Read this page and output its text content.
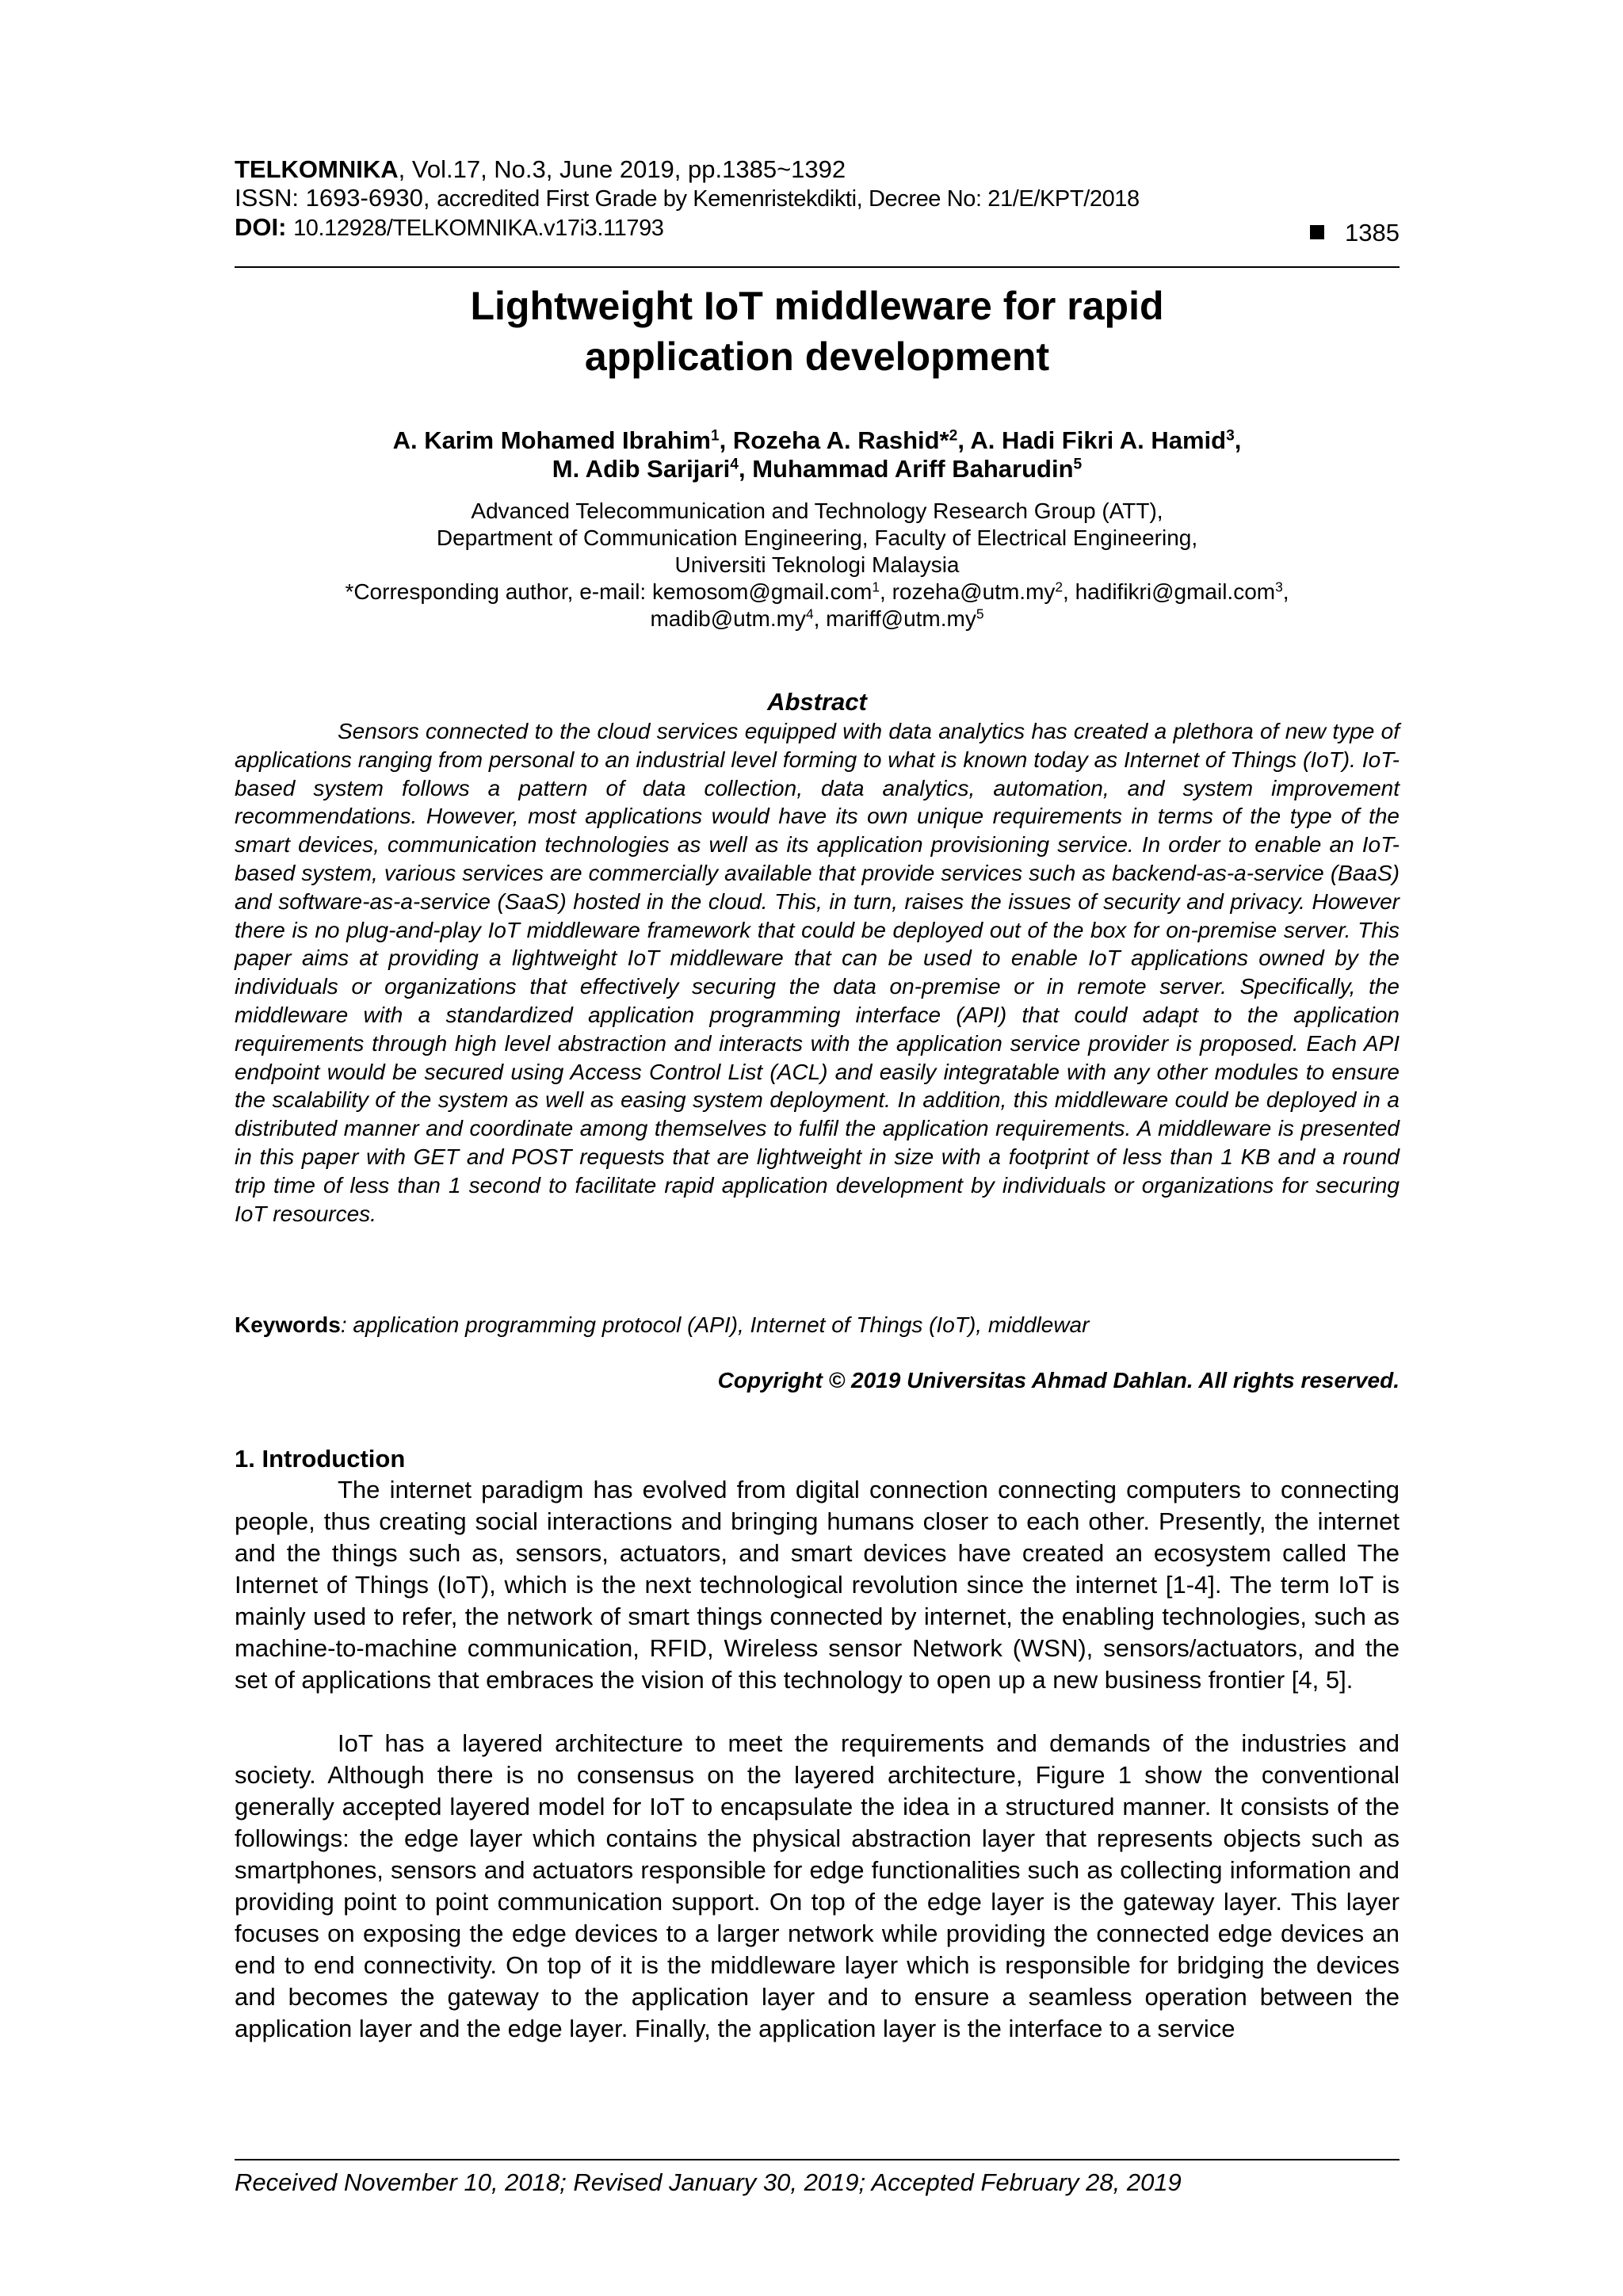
TELKOMNIKA, Vol.17, No.3, June 2019, pp.1385~1392
ISSN: 1693-6930, accredited First Grade by Kemenristekdikti, Decree No: 21/E/KPT/2018
DOI: 10.12928/TELKOMNIKA.v17i3.11793	1385
Lightweight IoT middleware for rapid
application development
A. Karim Mohamed Ibrahim$^1$, Rozeha A. Rashid*$^2$, A. Hadi Fikri A. Hamid$^3$,
M. Adib Sarijari$^4$, Muhammad Ariff Baharudin$^5$
Advanced Telecommunication and Technology Research Group (ATT),
Department of Communication Engineering, Faculty of Electrical Engineering,
Universiti Teknologi Malaysia
*Corresponding author, e-mail: kemosom@gmail.com$^1$, $rozeha@utm.my^2$, hadifikri@gmail.com$^3$,
$madib@utm.my^4$, $mariff@utm.my^5$
Abstract

Sensors connected to the cloud services equipped with data analytics has created a plethora of new type of applications ranging from personal to an industrial level forming to what is known today as Internet of Things (IoT). IoT-based system follows a pattern of data collection, data analytics, automation, and system improvement recommendations. However, most applications would have its own unique requirements in terms of the type of the smart devices, communication technologies as well as its application provisioning service. In order to enable an IoT-based system, various services are commercially available that provide services such as backend-as-a-service (BaaS) and software-as-a-service (SaaS) hosted in the cloud. This, in turn, raises the issues of security and privacy. However there is no plug-and-play IoT middleware framework that could be deployed out of the box for on-premise server. This paper aims at providing a lightweight IoT middleware that can be used to enable IoT applications owned by the individuals or organizations that effectively securing the data on-premise or in remote server. Specifically, the middleware with a standardized application programming interface (API) that could adapt to the application requirements through high level abstraction and interacts with the application service provider is proposed. Each API endpoint would be secured using Access Control List (ACL) and easily integratable with any other modules to ensure the scalability of the system as well as easing system deployment. In addition, this middleware could be deployed in a distributed manner and coordinate among themselves to fulfil the application requirements. A middleware is presented in this paper with GET and POST requests that are lightweight in size with a footprint of less than 1 KB and a round trip time of less than 1 second to facilitate rapid application development by individuals or organizations for securing IoT resources.

Keywords: application programming protocol (API), Internet of Things (IoT), middlewar
Copyright © 2019 Universitas Ahmad Dahlan. All rights reserved.
1. Introduction

The internet paradigm has evolved from digital connection connecting computers to connecting people, thus creating social interactions and bringing humans closer to each other. Presently, the internet and the things such as, sensors, actuators, and smart devices have created an ecosystem called The Internet of Things (IoT), which is the next technological revolution since the internet [1-4]. The term IoT is mainly used to refer, the network of smart things connected by internet, the enabling technologies, such as machine-to-machine communication, RFID, Wireless sensor Network (WSN), sensors/actuators, and the set of applications that embraces the vision of this technology to open up a new business frontier [4, 5].

IoT has a layered architecture to meet the requirements and demands of the industries and society. Although there is no consensus on the layered architecture, Figure 1 show the conventional generally accepted layered model for IoT to encapsulate the idea in a structured manner. It consists of the followings: the edge layer which contains the physical abstraction layer that represents objects such as smartphones, sensors and actuators responsible for edge functionalities such as collecting information and providing point to point communication support. On top of the edge layer is the gateway layer. This layer focuses on exposing the edge devices to a larger network while providing the connected edge devices an end to end connectivity. On top of it is the middleware layer which is responsible for bridging the devices and becomes the gateway to the application layer and to ensure a seamless operation between the application layer and the edge layer. Finally, the application layer is the interface to a service

Received November 10, 2018; Revised January 30, 2019; Accepted February 28, 2019
